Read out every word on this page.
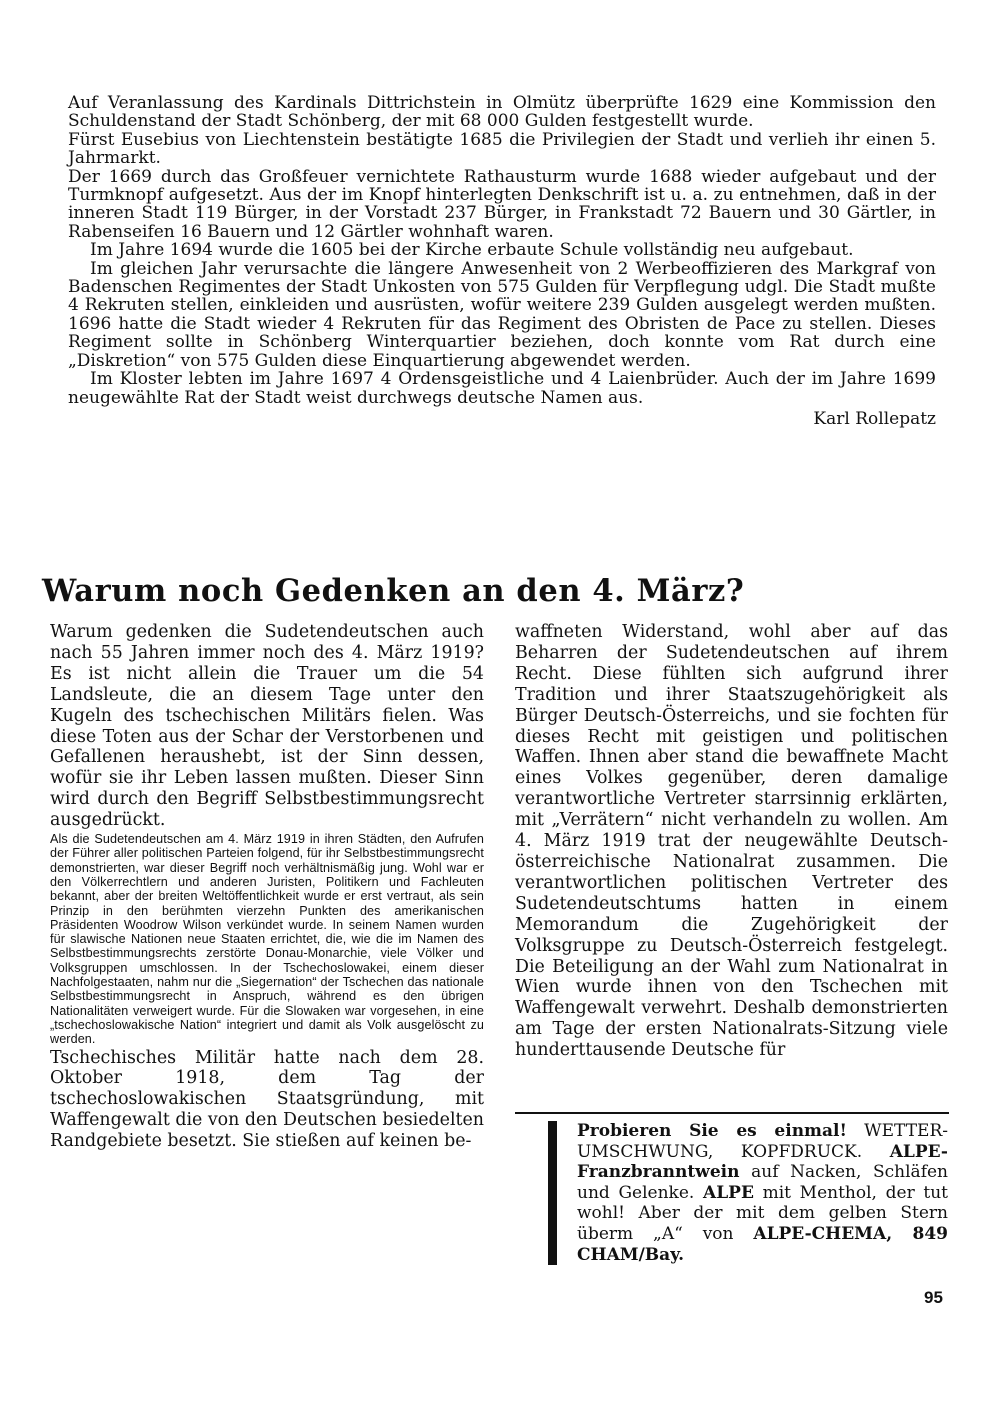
Auf Veranlassung des Kardinals Dittrichstein in Olmütz überprüfte 1629 eine Kommission den Schuldenstand der Stadt Schönberg, der mit 68 000 Gulden festgestellt wurde.

Fürst Eusebius von Liechtenstein bestätigte 1685 die Privilegien der Stadt und verlieh ihr einen 5. Jahrmarkt.

Der 1669 durch das Großfeuer vernichtete Rathausturm wurde 1688 wieder aufgebaut und der Turmknopf aufgesetzt. Aus der im Knopf hinterlegten Denkschrift ist u. a. zu entnehmen, daß in der inneren Stadt 119 Bürger, in der Vorstadt 237 Bürger, in Frankstadt 72 Bauern und 30 Gärtler, in Rabenseifen 16 Bauern und 12 Gärtler wohnhaft waren.

Im Jahre 1694 wurde die 1605 bei der Kirche erbaute Schule vollständig neu aufgebaut.

Im gleichen Jahr verursachte die längere Anwesenheit von 2 Werbeoffizieren des Markgraf von Badenschen Regimentes der Stadt Unkosten von 575 Gulden für Verpflegung udgl. Die Stadt mußte 4 Rekruten stellen, einkleiden und ausrüsten, wofür weitere 239 Gulden ausgelegt werden mußten. 1696 hatte die Stadt wieder 4 Rekruten für das Regiment des Obristen de Pace zu stellen. Dieses Regiment sollte in Schönberg Winterquartier beziehen, doch konnte vom Rat durch eine „Diskretion“ von 575 Gulden diese Einquartierung abgewendet werden.

Im Kloster lebten im Jahre 1697 4 Ordensgeistliche und 4 Laienbrüder. Auch der im Jahre 1699 neugewählte Rat der Stadt weist durchwegs deutsche Namen aus.

Karl Rollepatz

Warum noch Gedenken an den 4. März?

Warum gedenken die Sudetendeutschen auch nach 55 Jahren immer noch des 4. März 1919? Es ist nicht allein die Trauer um die 54 Landsleute, die an diesem Tage unter den Kugeln des tschechischen Militärs fielen. Was diese Toten aus der Schar der Verstorbenen und Gefallenen heraushebt, ist der Sinn dessen, wofür sie ihr Leben lassen mußten. Dieser Sinn wird durch den Begriff Selbstbestimmungsrecht ausgedrückt.

Als die Sudetendeutschen am 4. März 1919 in ihren Städten, den Aufrufen der Führer aller politischen Parteien folgend, für ihr Selbstbestimmungsrecht demonstrierten, war dieser Begriff noch verhältnismäßig jung. Wohl war er den Völkerrechtlern und anderen Juristen, Politikern und Fachleuten bekannt, aber der breiten Weltöffentlichkeit wurde er erst vertraut, als sein Prinzip in den berühmten vierzehn Punkten des amerikanischen Präsidenten Woodrow Wilson verkündet wurde. In seinem Namen wurden für slawische Nationen neue Staaten errichtet, die, wie die im Namen des Selbstbestimmungsrechts zerstörte Donau-Monarchie, viele Völker und Volksgruppen umschlossen. In der Tschechoslowakei, einem dieser Nachfolgestaaten, nahm nur die „Siegernation“ der Tschechen das nationale Selbstbestimmungsrecht in Anspruch, während es den übrigen Nationalitäten verweigert wurde. Für die Slowaken war vorgesehen, in eine „tschechoslowakische Nation“ integriert und damit als Volk ausgelöscht zu werden.

Tschechisches Militär hatte nach dem 28. Oktober 1918, dem Tag der tschechoslowakischen Staatsgründung, mit Waffengewalt die von den Deutschen besiedelten Randgebiete besetzt. Sie stießen auf keinen be-

waffneten Widerstand, wohl aber auf das Beharren der Sudetendeutschen auf ihrem Recht. Diese fühlten sich aufgrund ihrer Tradition und ihrer Staatszugehörigkeit als Bürger Deutsch-Österreichs, und sie fochten für dieses Recht mit geistigen und politischen Waffen. Ihnen aber stand die bewaffnete Macht eines Volkes gegenüber, deren damalige verantwortliche Vertreter starrsinnig erklärten, mit „Verrätern“ nicht verhandeln zu wollen. Am 4. März 1919 trat der neugewählte Deutsch-österreichische Nationalrat zusammen. Die verantwortlichen politischen Vertreter des Sudetendeutschtums hatten in einem Memorandum die Zugehörigkeit der Volksgruppe zu Deutsch-Österreich festgelegt. Die Beteiligung an der Wahl zum Nationalrat in Wien wurde ihnen von den Tschechen mit Waffengewalt verwehrt. Deshalb demonstrierten am Tage der ersten Nationalrats-Sitzung viele hunderttausende Deutsche für

Probieren Sie es einmal! WETTER-UMSCHWUNG, KOPFDRUCK. ALPE-Franzbranntwein auf Nacken, Schläfen und Gelenke. ALPE mit Menthol, der tut wohl! Aber der mit dem gelben Stern überm „A“ von ALPE-CHEMA, 849 CHAM/Bay.

95
